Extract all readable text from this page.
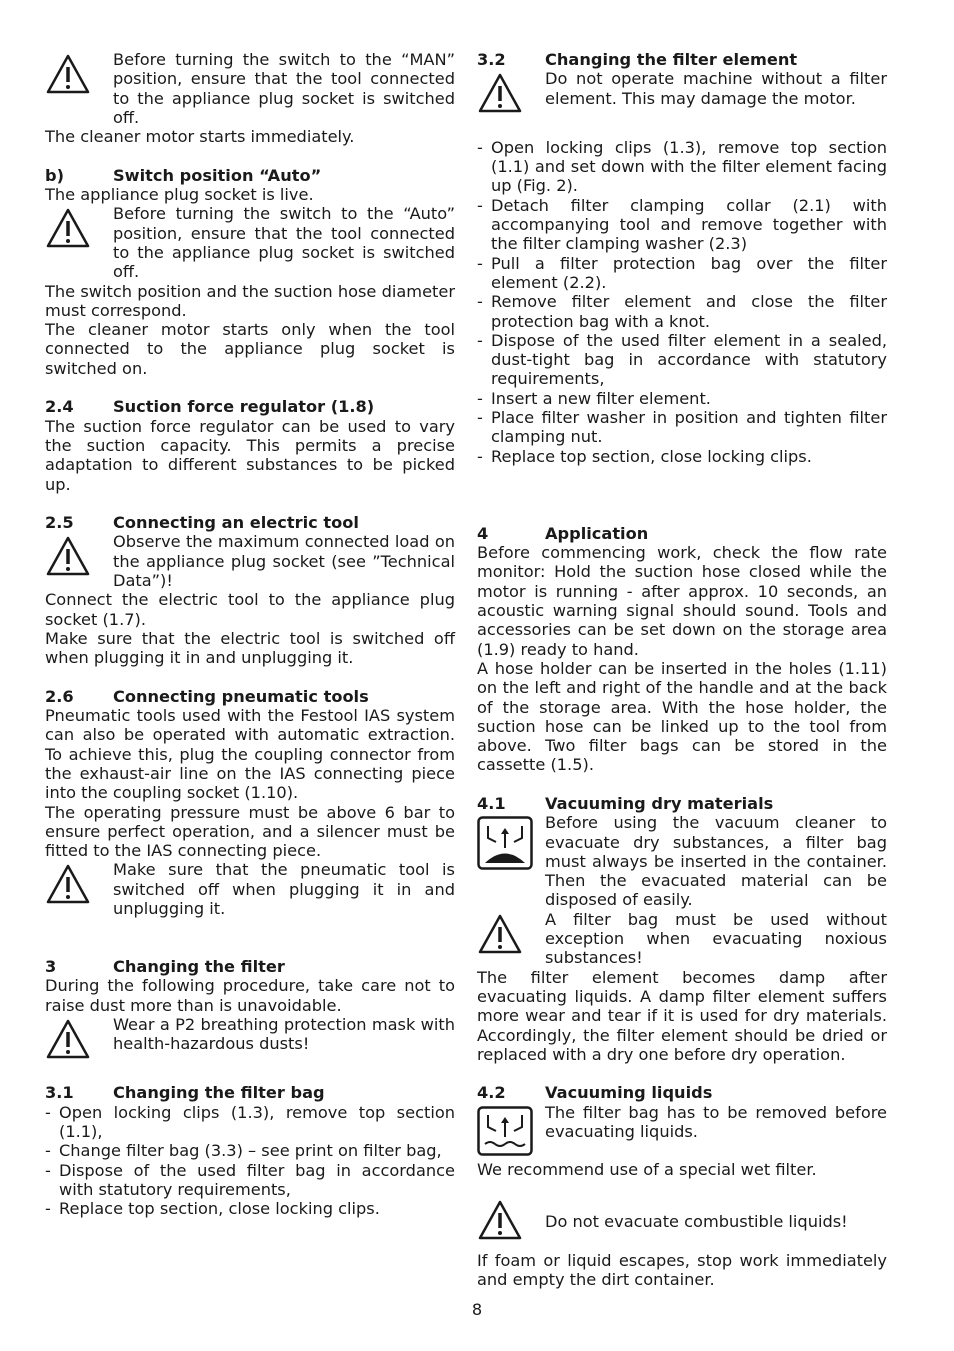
Before turning the switch to the “MAN” position, ensure that the tool connected to the appliance plug socket is switched off.

The cleaner motor starts immediately.

b)	Switch position “Auto”

The appliance plug socket is live.

Before turning the switch to the “Auto” position, ensure that the tool connected to the appliance plug socket is switched off.

The switch position and the suction hose diameter must correspond.

The cleaner motor starts only when the tool connected to the appliance plug socket is switched on.

2.4	Suction force regulator (1.8)

The suction force regulator can be used to vary the suction capacity. This permits a precise adaptation to different substances to be picked up.

2.5	Connecting an electric tool
Observe the maximum connected load on the appliance plug socket (see ”Technical Data”)!

Connect the electric tool to the appliance plug socket (1.7).

Make sure that the electric tool is switched off when plugging it in and unplugging it.

2.6	Connecting pneumatic tools

Pneumatic tools used with the Festool IAS system can also be operated with automatic extraction. To achieve this, plug the coupling connector from the exhaust-air line on the IAS connecting piece into the coupling socket (1.10).

The operating pressure must be above 6 bar to ensure perfect operation, and a silencer must be fitted to the IAS connecting piece.

Make sure that the pneumatic tool is switched off when plugging it in and unplugging it.
3	Changing the filter

During the following procedure, take care not to raise dust more than is unavoidable.

Wear a P2 breathing protection mask with health-hazardous dusts!
3.1	Changing the filter bag
- Open locking clips (1.3), remove top section (1.1),
- Change filter bag (3.3) – see print on filter bag,
- Dispose of the used filter bag in accordance with statutory requirements,
- Replace top section, close locking clips.
3.2	Changing the filter element
Do not operate machine without a filter element. This may damage the motor.
- Open locking clips (1.3), remove top section (1.1) and set down with the filter element facing up (Fig. 2).
- Detach filter clamping collar (2.1) with accompanying tool and remove together with the filter clamping washer (2.3)
- Pull a filter protection bag over the filter element (2.2).
- Remove filter element and close the filter protection bag with a knot.
- Dispose of the used filter element in a sealed, dust-tight bag in accordance with statutory requirements,
- Insert a new filter element.
- Place filter washer in position and tighten filter clamping nut.
- Replace top section, close locking clips.
4	Application

Before commencing work, check the flow rate monitor: Hold the suction hose closed while the motor is running - after approx. 10 seconds, an acoustic warning signal should sound. Tools and accessories can be set down on the storage area (1.9) ready to hand.

A hose holder can be inserted in the holes (1.11) on the left and right of the handle and at the back of the storage area. With the hose holder, the suction hose can be linked up to the tool from above. Two filter bags can be stored in the cassette (1.5).

4.1	Vacuuming dry materials
Before using the vacuum cleaner to evacuate dry substances, a filter bag must always be inserted in the container. Then the evacuated material can be disposed of easily.
A filter bag must be used without exception when evacuating noxious substances!

The filter element becomes damp after evacuating liquids. A damp filter element suffers more wear and tear if it is used for dry materials. Accordingly, the filter element should be dried or replaced with a dry one before dry operation.

4.2	Vacuuming liquids
The filter bag has to be removed before evacuating liquids.

We recommend use of a special wet filter.

Do not evacuate combustible liquids!

If foam or liquid escapes, stop work immediately and empty the dirt container.

8
